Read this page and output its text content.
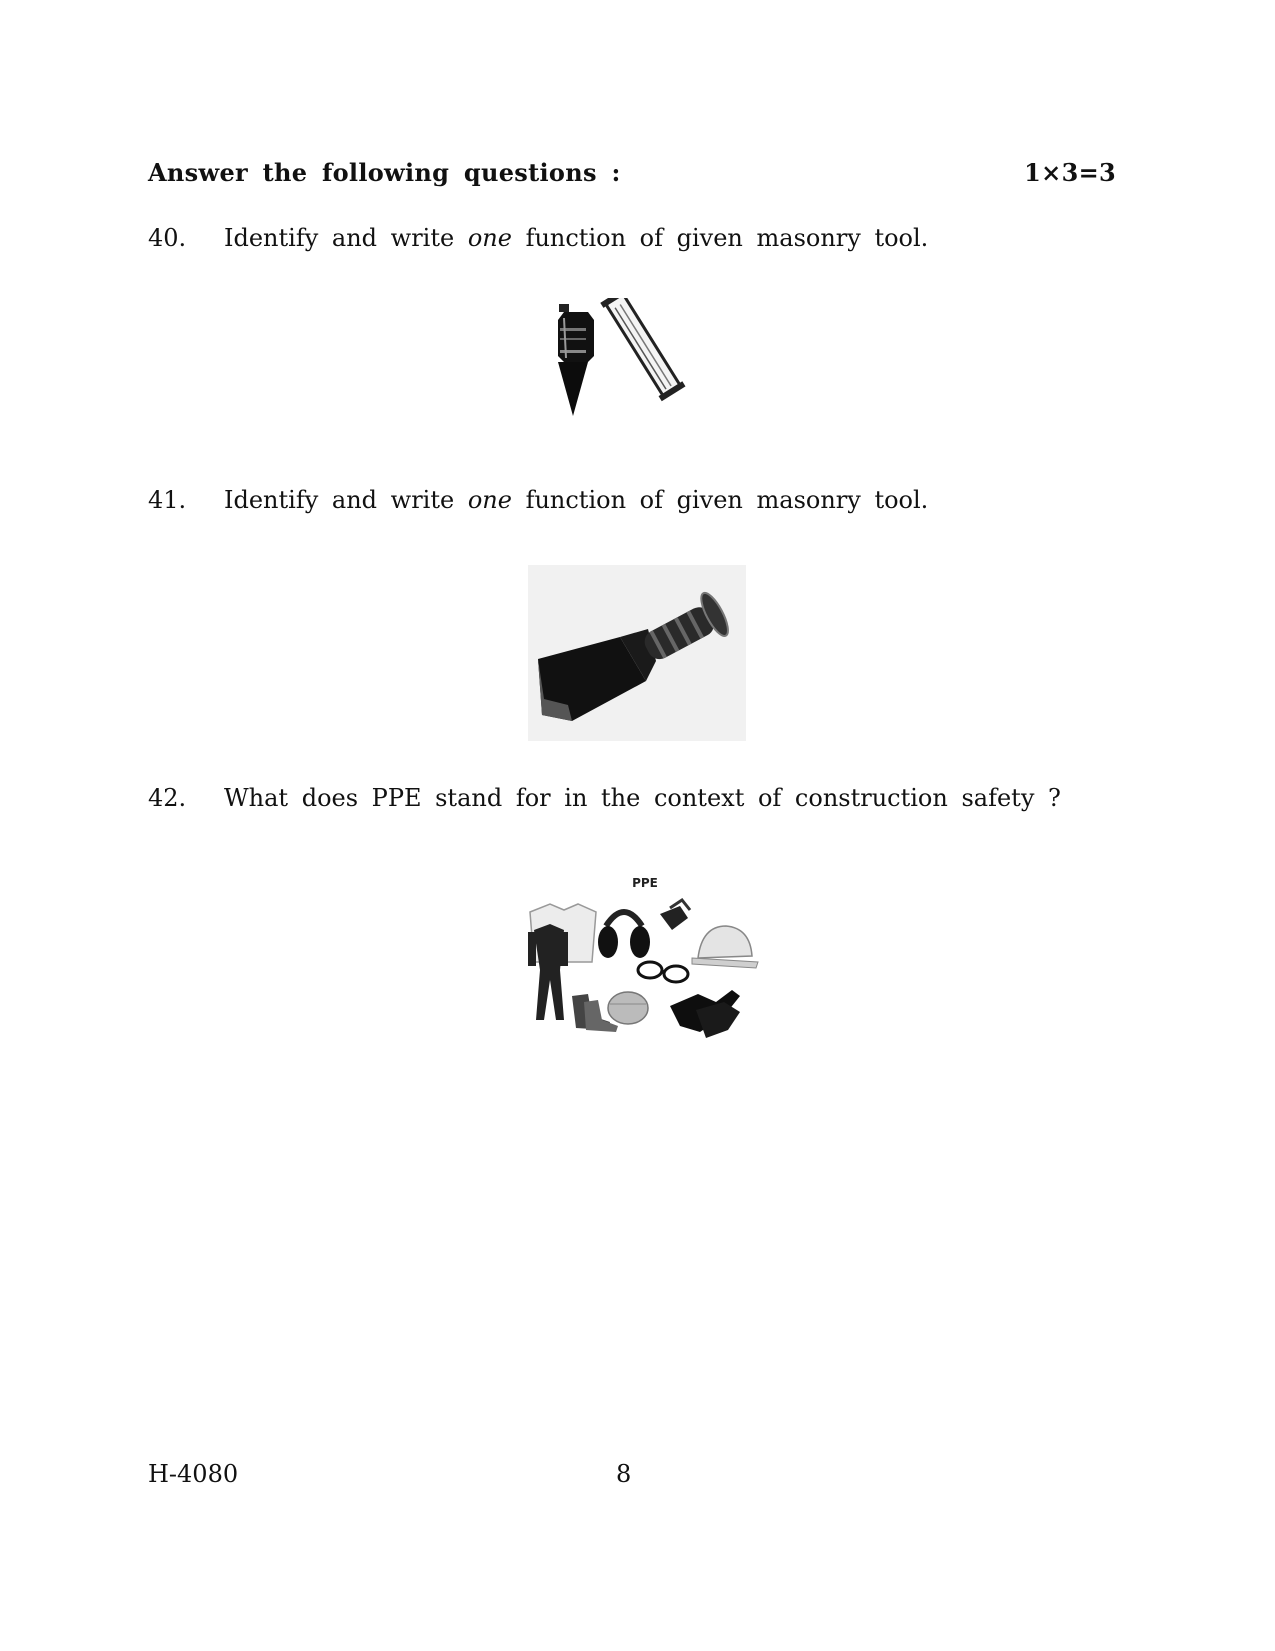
Answer the following questions :	1×3=3
40. Identify and write one function of given masonry tool.
41. Identify and write one function of given masonry tool.
42. What does PPE stand for in the context of construction safety ?
PPE
H-4080	8
